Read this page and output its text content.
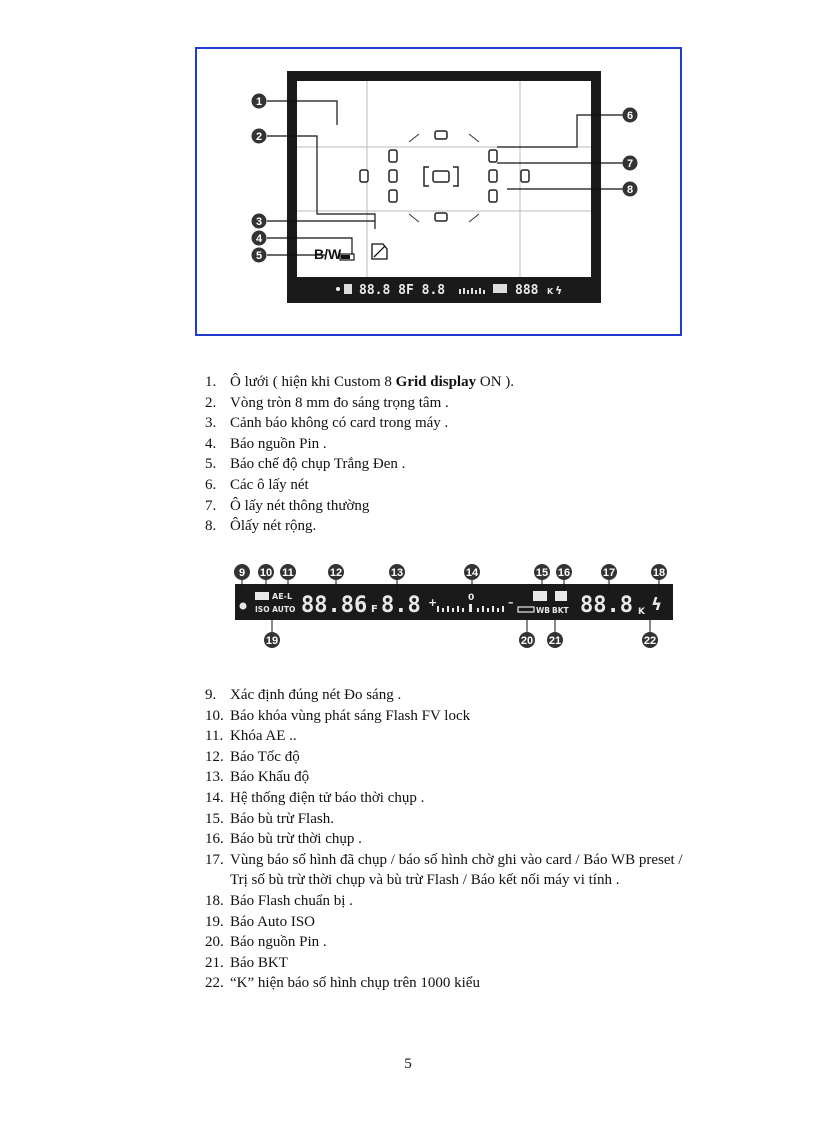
1
2
3
4
5
6
7
8
B/W
88.8 8F 8.8	888 K ϟ
1. Ô lưới ( hiện khi Custom 8 Grid display ON ).
2. Vòng tròn 8 mm đo sáng trọng tâm .
3. Cảnh báo không có card trong máy .
4. Báo nguồn Pin .
5. Báo chế độ chụp Trắng Đen .
6. Các ô lấy nét
7. Ô lấy nét thông thường
8. Ôlấy nét rộng.
9 10 11	12	13	14	15 16	17	18
19	20 21	22
AE-L
ISO AUTO 88.86 F 8.8 +	0	–
WB BKT 88.8 K ϟ
9. Xác định đúng nét Đo sáng .
10. Báo khóa vùng phát sáng Flash FV lock
11. Khóa AE ..
12. Báo Tốc độ
13. Báo Khẩu độ
14. Hệ thống điện tử báo thời chụp .
15. Báo bù trừ Flash.
16. Báo bù trừ thời chụp .
17. Vùng báo số hình đã chụp / báo số hình chờ ghi vào card / Báo WB preset /
Trị số bù trừ thời chụp và bù trừ Flash / Báo kết nối máy vi tính .
18. Báo Flash chuẩn bị .
19. Báo Auto ISO
20. Báo nguồn Pin .
21. Báo BKT
22. “K” hiện báo số hình chụp trên 1000 kiểu
5
